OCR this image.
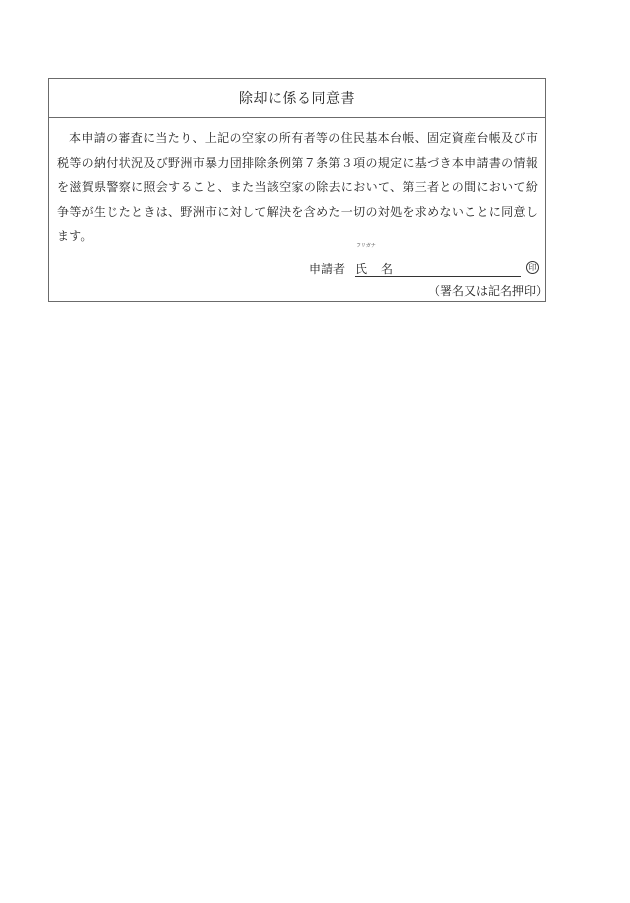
除却に係る同意書
本申請の審査に当たり、上記の空家の所有者等の住民基本台帳、固定資産台帳及び市税等の納付状況及び野洲市暴力団排除条例第７条第３項の規定に基づき本申請書の情報を滋賀県警察に照会すること、また当該空家の除去において、第三者との間において紛争等が生じたときは、野洲市に対して解決を含めた一切の対処を求めないことに同意します。
フリガナ
申請者 氏名	印
（署名又は記名押印）
